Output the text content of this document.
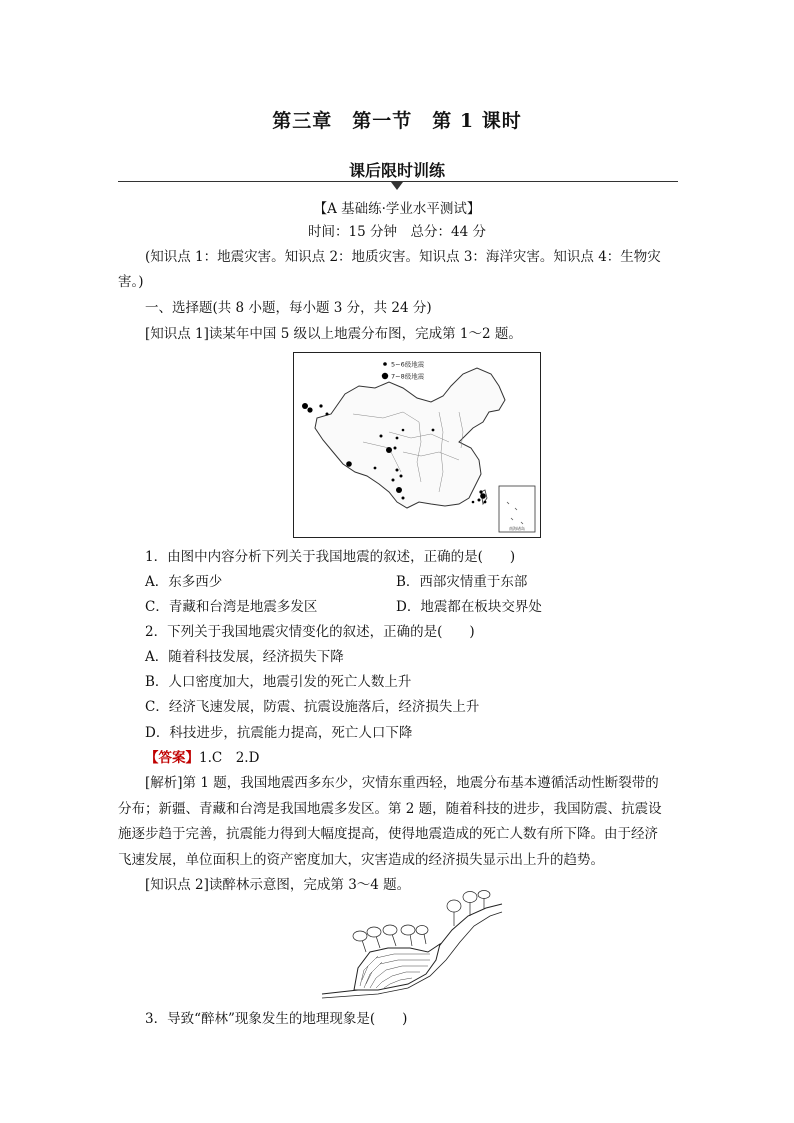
第三章　第一节　第 1 课时
课后限时训练
【A 基础练·学业水平测试】
时间：15 分钟　总分：44 分
(知识点 1：地震灾害。知识点 2：地质灾害。知识点 3：海洋灾害。知识点 4：生物灾
害。)
一、选择题(共 8 小题，每小题 3 分，共 24 分)
[知识点 1]读某年中国 5 级以上地震分布图，完成第 1～2 题。
南海诸岛
5~6级地震
7~8级地震
1．由图中内容分析下列关于我国地震的叙述，正确的是(　　)
A．东多西少	B．西部灾情重于东部
C．青藏和台湾是地震多发区	D．地震都在板块交界处
2．下列关于我国地震灾情变化的叙述，正确的是(　　)
A．随着科技发展，经济损失下降
B．人口密度加大，地震引发的死亡人数上升
C．经济飞速发展，防震、抗震设施落后，经济损失上升
D．科技进步，抗震能力提高，死亡人口下降
【答案】1.C　2.D
[解析]第 1 题，我国地震西多东少，灾情东重西轻，地震分布基本遵循活动性断裂带的
分布；新疆、青藏和台湾是我国地震多发区。第 2 题，随着科技的进步，我国防震、抗震设
施逐步趋于完善，抗震能力得到大幅度提高，使得地震造成的死亡人数有所下降。由于经济
飞速发展，单位面积上的资产密度加大，灾害造成的经济损失显示出上升的趋势。
[知识点 2]读醉林示意图，完成第 3～4 题。
3．导致“醉林”现象发生的地理现象是(　　)
